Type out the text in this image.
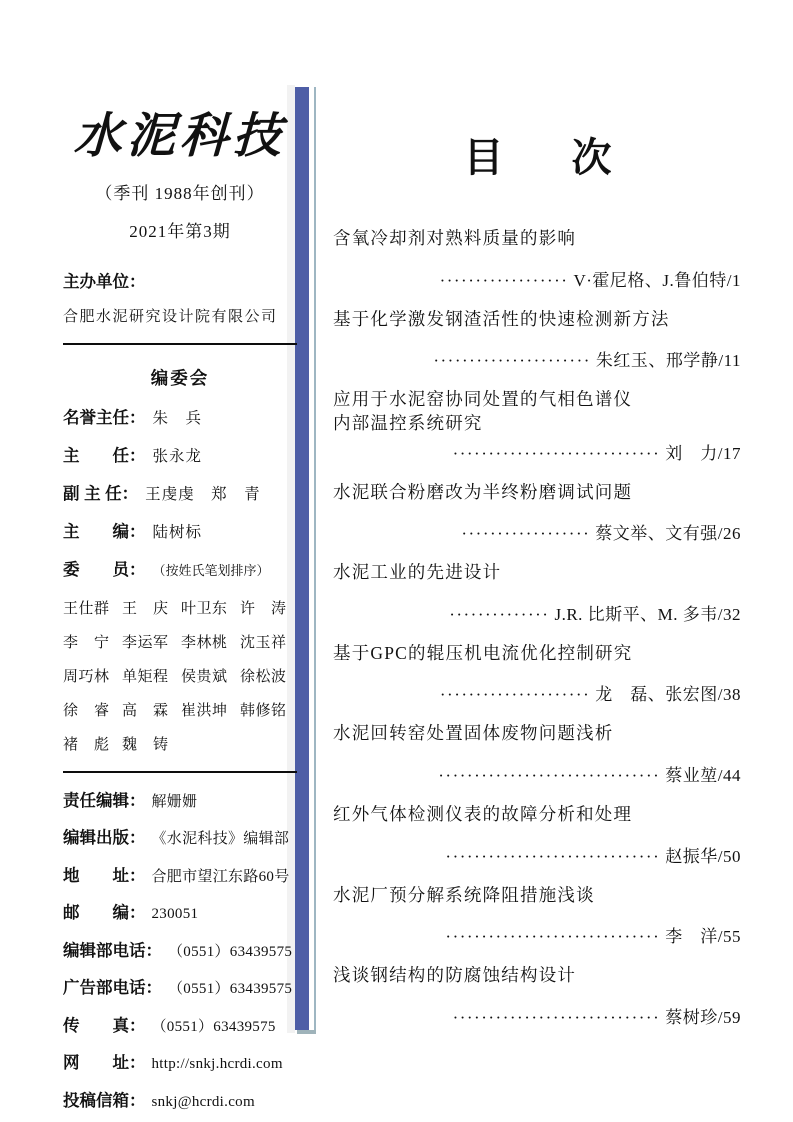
水泥科技
（季刊 1988年创刊）
2021年第3期
主办单位：
合肥水泥研究设计院有限公司
编委会
名誉主任： 朱　兵
主　　任： 张永龙
副 主 任： 王虔虔　郑　青
主　　编： 陆树标
委　　员： （按姓氏笔划排序）
王仕群 王　庆 叶卫东 许　涛
李　宁 李运军 李林桃 沈玉祥
周巧林 单矩程 侯贵斌 徐松波
徐　睿 高　霖 崔洪坤 韩修铭
褚　彪 魏　铸
责任编辑： 解姗姗
编辑出版： 《水泥科技》编辑部
地　　址： 合肥市望江东路60号
邮　　编： 230051
编辑部电话： （0551）63439575
广告部电话： （0551）63439575
传　　真： （0551）63439575
网　　址： http://snkj.hcrdi.com
投稿信箱： snkj@hcrdi.com
目　次
含氧冷却剂对熟料质量的影响
·················· V·霍尼格、J.鲁伯特/1
基于化学激发钢渣活性的快速检测新方法
······················ 朱红玉、邢学静/11
应用于水泥窑协同处置的气相色谱仪
内部温控系统研究
····························· 刘　力/17
水泥联合粉磨改为半终粉磨调试问题
·················· 蔡文举、文有强/26
水泥工业的先进设计
·············· J.R. 比斯平、M. 多韦/32
基于GPC的辊压机电流优化控制研究
····················· 龙　磊、张宏图/38
水泥回转窑处置固体废物问题浅析
······························· 蔡业堃/44
红外气体检测仪表的故障分析和处理
······························ 赵振华/50
水泥厂预分解系统降阻措施浅谈
······························ 李　洋/55
浅谈钢结构的防腐蚀结构设计
····························· 蔡树珍/59
